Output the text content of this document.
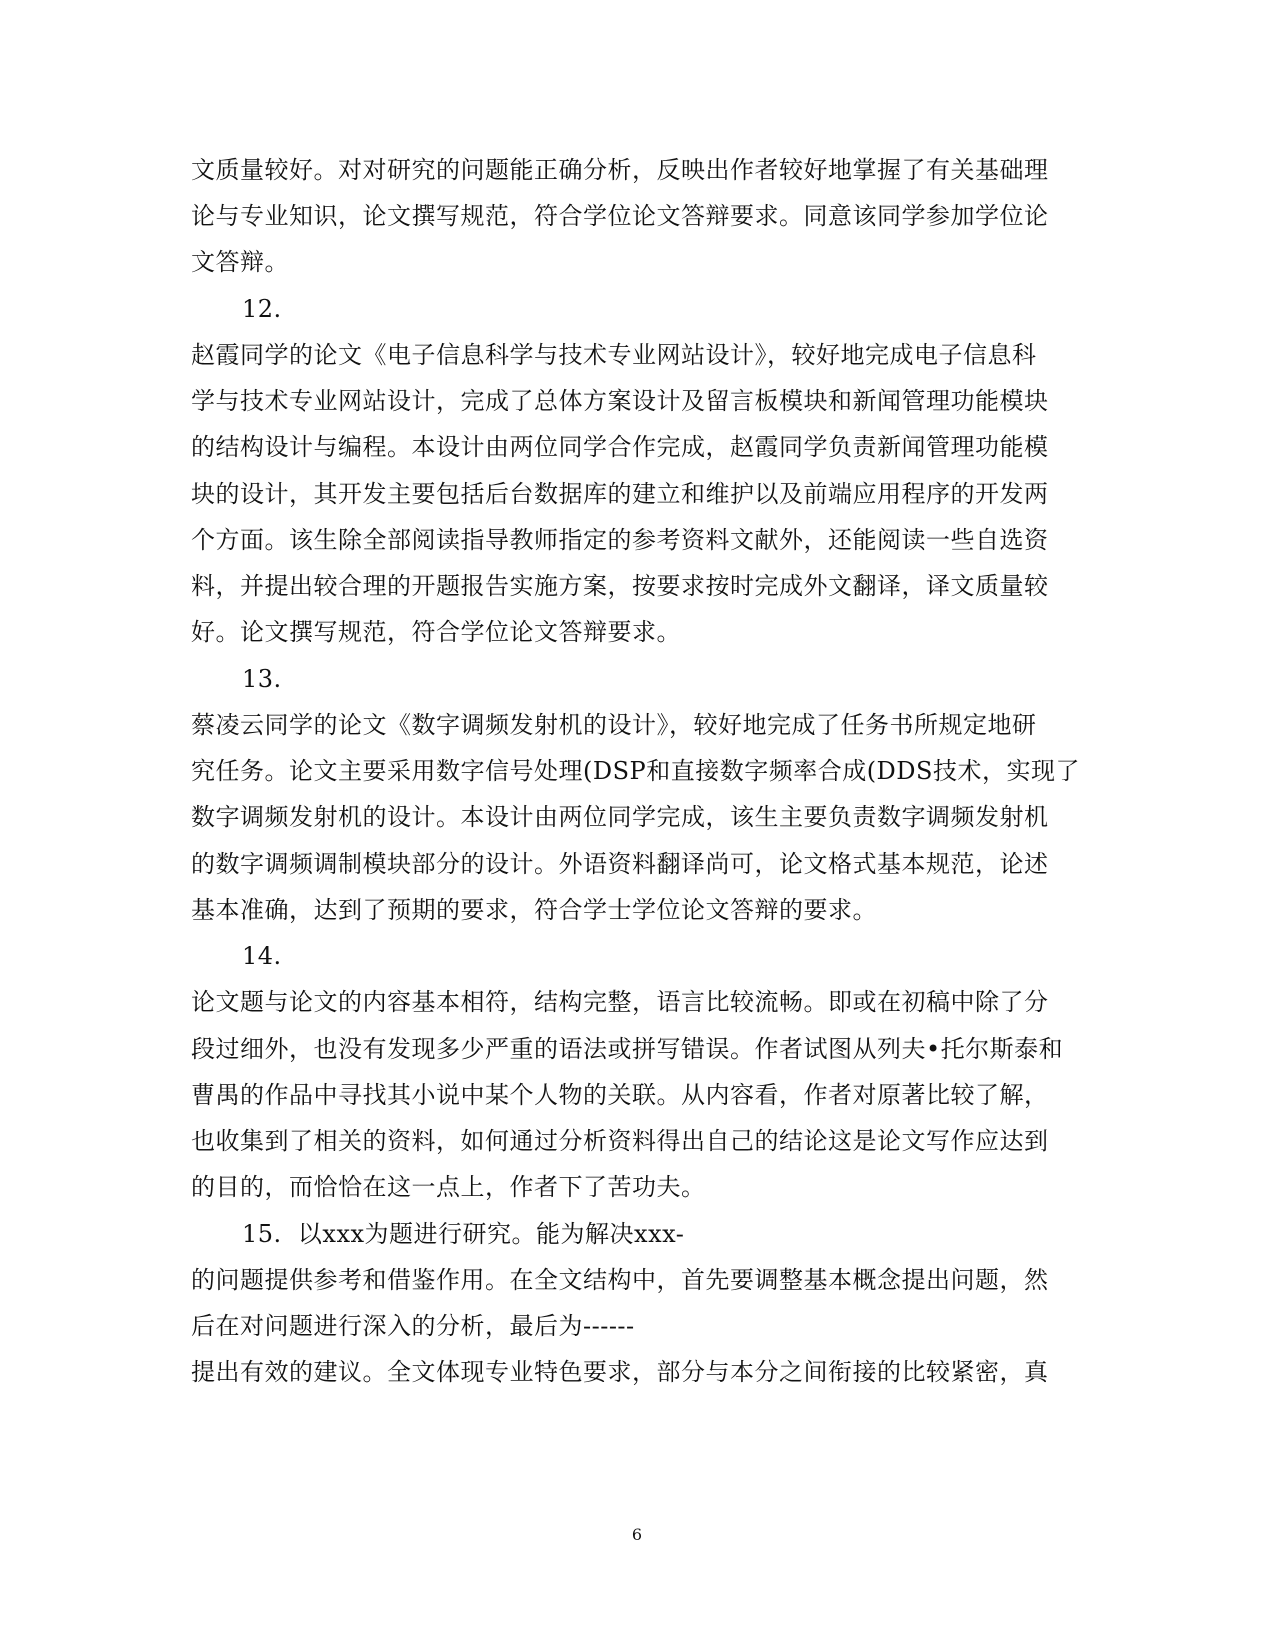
文质量较好。对对研究的问题能正确分析，反映出作者较好地掌握了有关基础理
论与专业知识，论文撰写规范，符合学位论文答辩要求。同意该同学参加学位论
文答辩。
12.
赵霞同学的论文《电子信息科学与技术专业网站设计》，较好地完成电子信息科
学与技术专业网站设计，完成了总体方案设计及留言板模块和新闻管理功能模块
的结构设计与编程。本设计由两位同学合作完成，赵霞同学负责新闻管理功能模
块的设计，其开发主要包括后台数据库的建立和维护以及前端应用程序的开发两
个方面。该生除全部阅读指导教师指定的参考资料文献外，还能阅读一些自选资
料，并提出较合理的开题报告实施方案，按要求按时完成外文翻译，译文质量较
好。论文撰写规范，符合学位论文答辩要求。
13.
蔡凌云同学的论文《数字调频发射机的设计》，较好地完成了任务书所规定地研
究任务。论文主要采用数字信号处理(DSP和直接数字频率合成(DDS技术，实现了
数字调频发射机的设计。本设计由两位同学完成，该生主要负责数字调频发射机
的数字调频调制模块部分的设计。外语资料翻译尚可，论文格式基本规范，论述
基本准确，达到了预期的要求，符合学士学位论文答辩的要求。
14.
论文题与论文的内容基本相符，结构完整，语言比较流畅。即或在初稿中除了分
段过细外，也没有发现多少严重的语法或拼写错误。作者试图从列夫•托尔斯泰和
曹禺的作品中寻找其小说中某个人物的关联。从内容看，作者对原著比较了解，
也收集到了相关的资料，如何通过分析资料得出自己的结论这是论文写作应达到
的目的，而恰恰在这一点上，作者下了苦功夫。
15.  以xxx为题进行研究。能为解决xxx-
的问题提供参考和借鉴作用。在全文结构中，首先要调整基本概念提出问题，然
后在对问题进行深入的分析，最后为------
提出有效的建议。全文体现专业特色要求，部分与本分之间衔接的比较紧密，真
6
